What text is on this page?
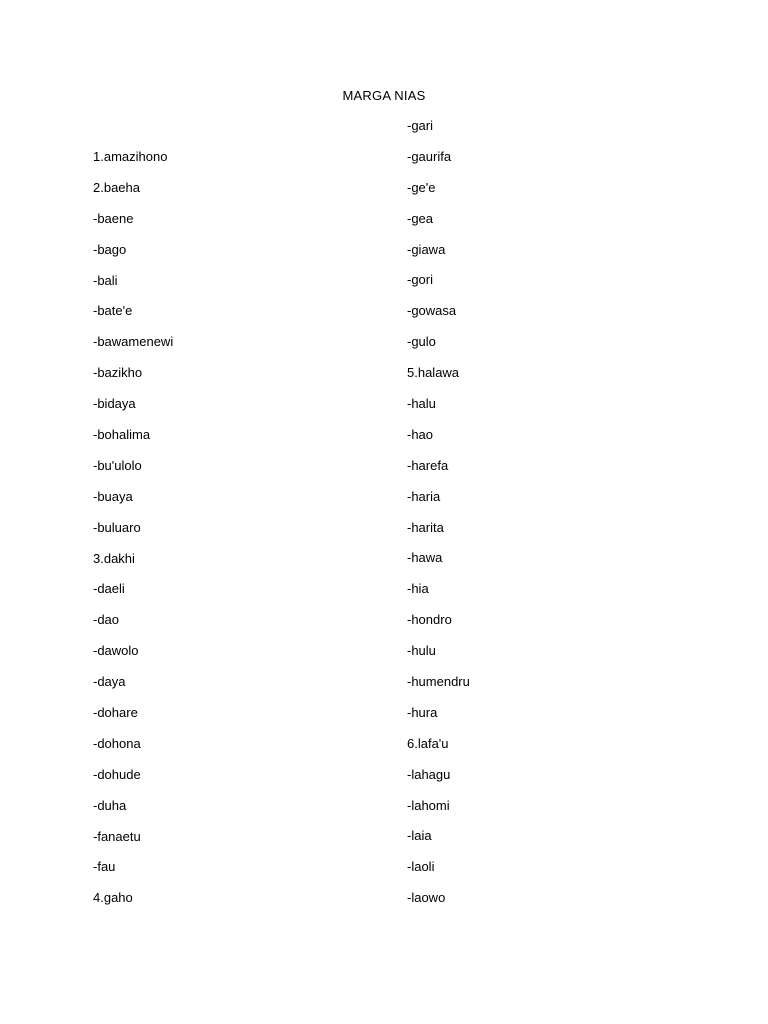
MARGA NIAS
1.amazihono
2.baeha
-baene
-bago
-bali
-bate'e
-bawamenewi
-bazikho
-bidaya
-bohalima
-bu'ulolo
-buaya
-buluaro
3.dakhi
-daeli
-dao
-dawolo
-daya
-dohare
-dohona
-dohude
-duha
-fanaetu
-fau
4.gaho
-gari
-gaurifa
-ge'e
-gea
-giawa
-gori
-gowasa
-gulo
5.halawa
-halu
-hao
-harefa
-haria
-harita
-hawa
-hia
-hondro
-hulu
-humendru
-hura
6.lafa'u
-lahagu
-lahomi
-laia
-laoli
-laowo
